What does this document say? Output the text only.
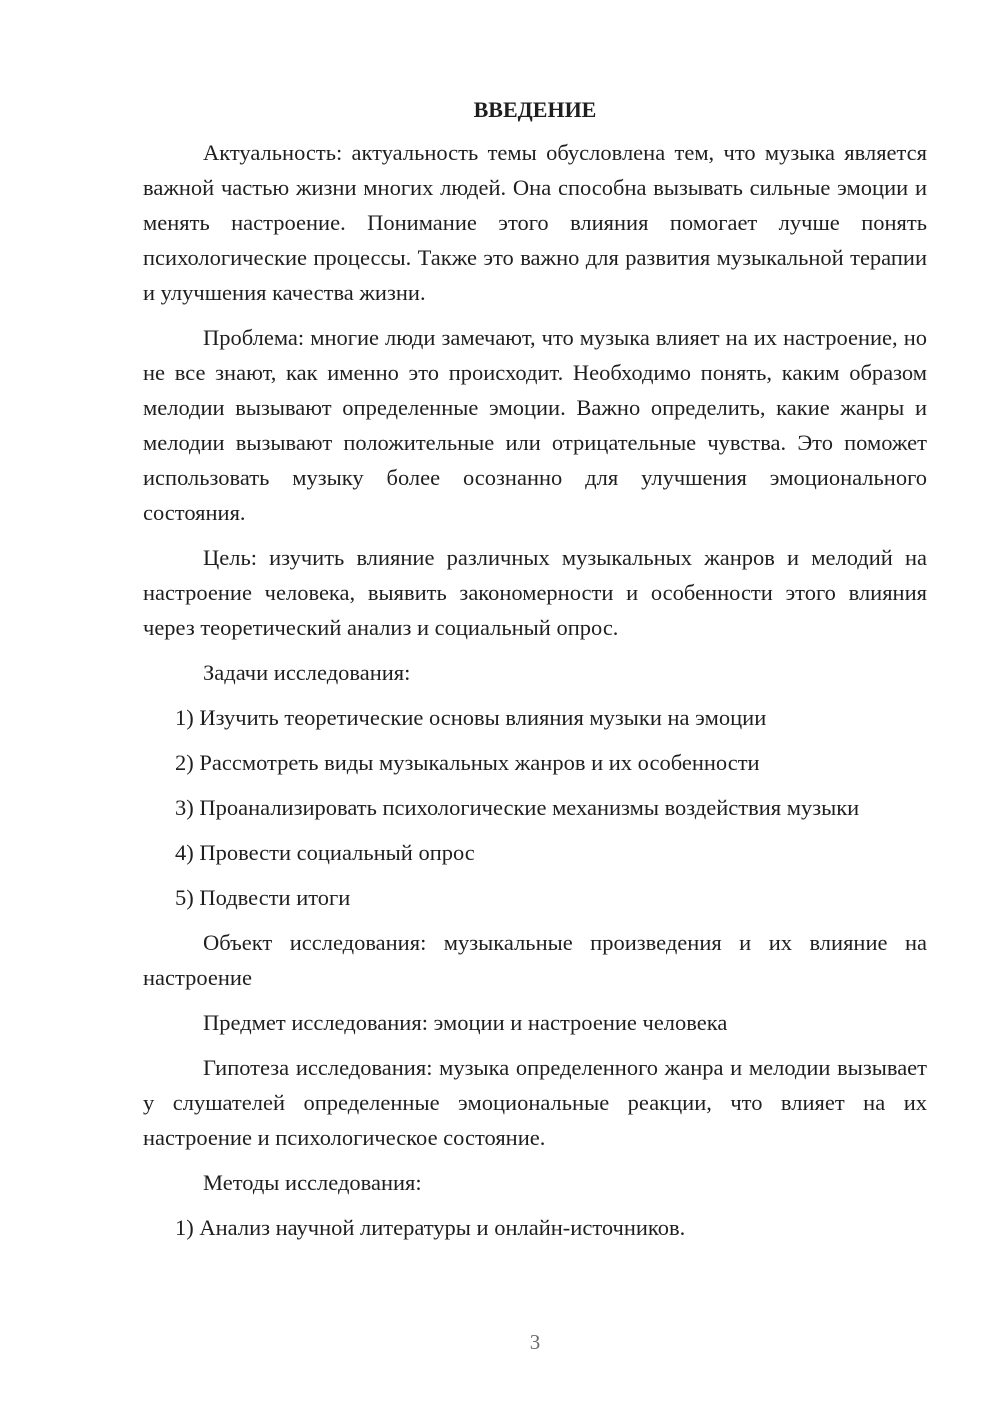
ВВЕДЕНИЕ

Актуальность: актуальность темы обусловлена тем, что музыка является важной частью жизни многих людей. Она способна вызывать сильные эмоции и менять настроение. Понимание этого влияния помогает лучше понять психологические процессы. Также это важно для развития музыкальной терапии и улучшения качества жизни.

Проблема: многие люди замечают, что музыка влияет на их настроение, но не все знают, как именно это происходит. Необходимо понять, каким образом мелодии вызывают определенные эмоции. Важно определить, какие жанры и мелодии вызывают положительные или отрицательные чувства. Это поможет использовать музыку более осознанно для улучшения эмоционального состояния.

Цель: изучить влияние различных музыкальных жанров и мелодий на настроение человека, выявить закономерности и особенности этого влияния через теоретический анализ и социальный опрос.

Задачи исследования:

1) Изучить теоретические основы влияния музыки на эмоции

2) Рассмотреть виды музыкальных жанров и их особенности

3) Проанализировать психологические механизмы воздействия музыки

4) Провести социальный опрос

5) Подвести итоги

Объект исследования: музыкальные произведения и их влияние на настроение

Предмет исследования: эмоции и настроение человека

Гипотеза исследования: музыка определенного жанра и мелодии вызывает у слушателей определенные эмоциональные реакции, что влияет на их настроение и психологическое состояние.

Методы исследования:

1) Анализ научной литературы и онлайн-источников.

3
